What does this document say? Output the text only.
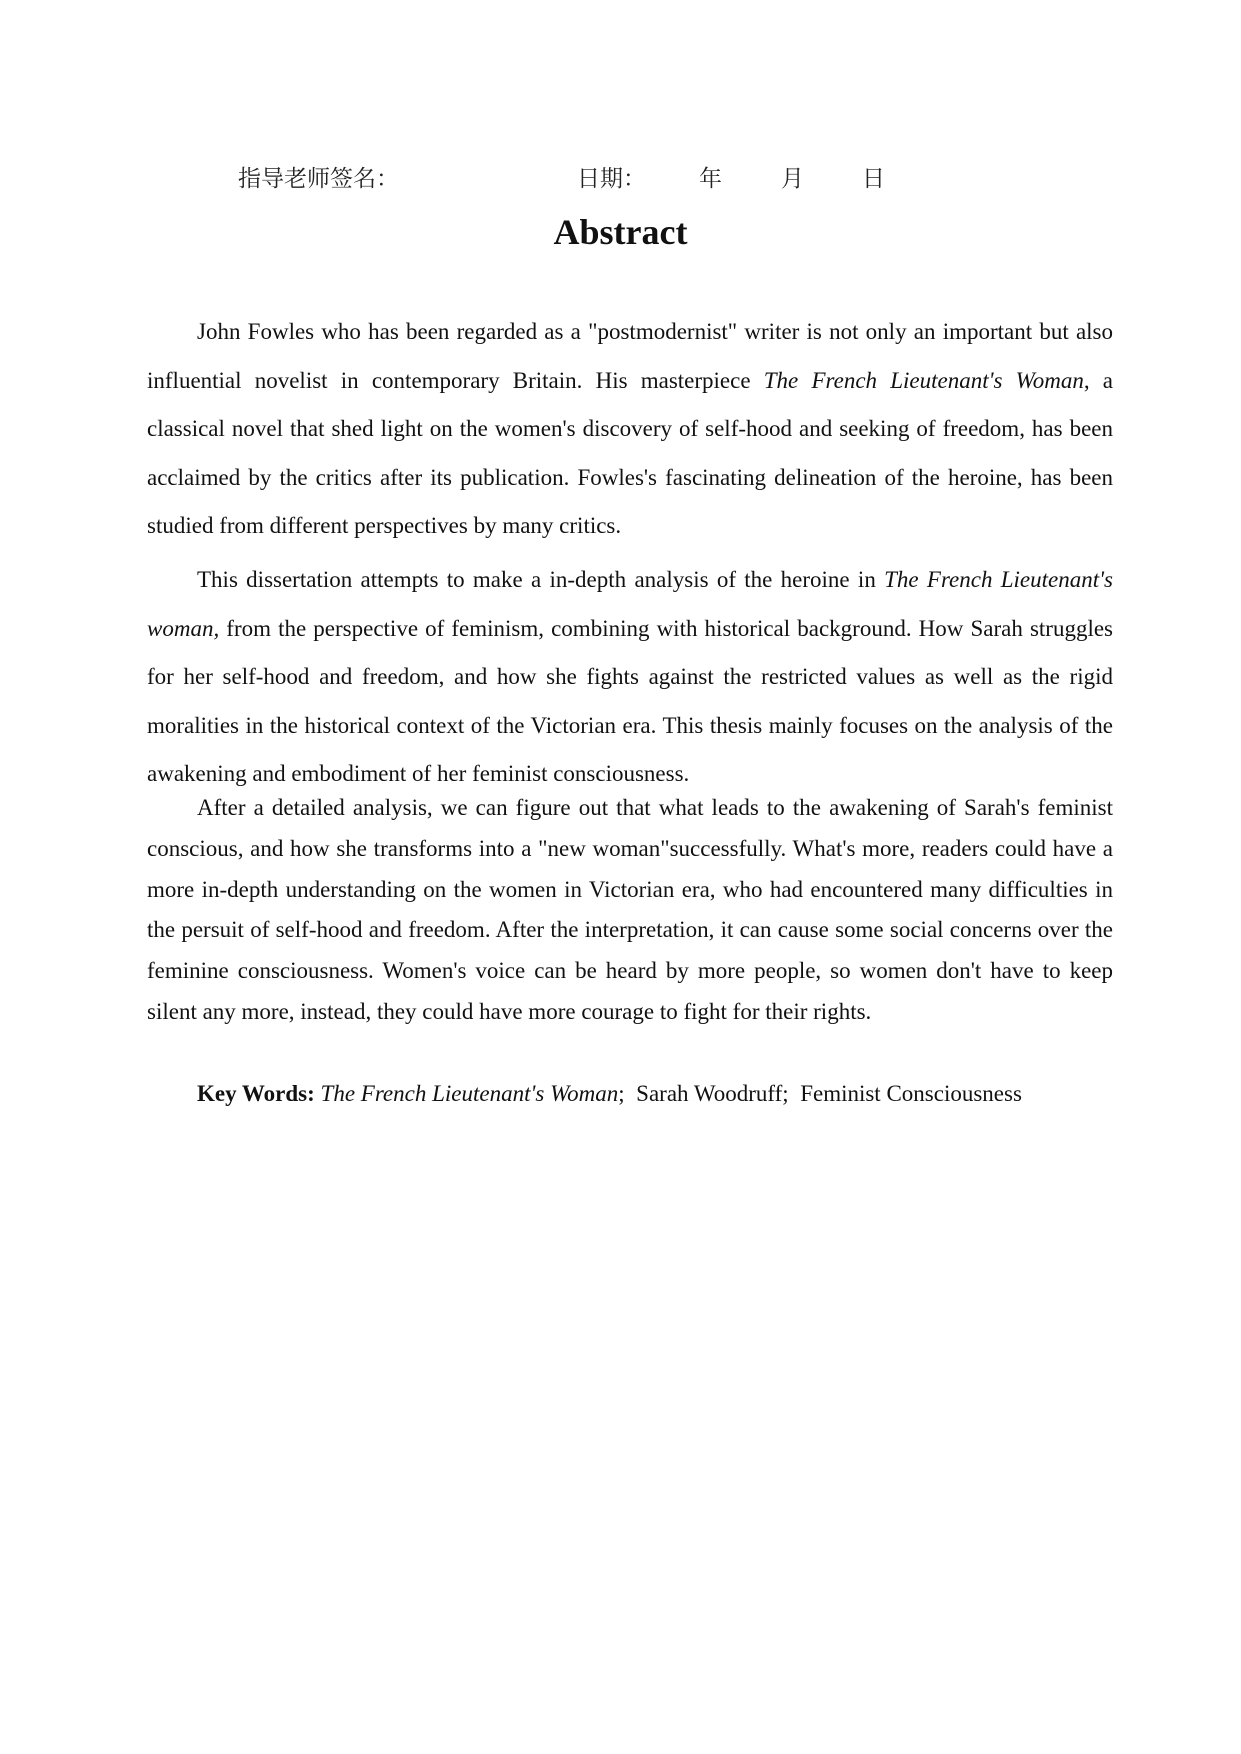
指导老师签名：	日期： 年	月	日
Abstract

John Fowles who has been regarded as a "postmodernist" writer is not only an important but also influential novelist in contemporary Britain. His masterpiece The French Lieutenant's Woman, a classical novel that shed light on the women's discovery of self-hood and seeking of freedom, has been acclaimed by the critics after its publication. Fowles's fascinating delineation of the heroine, has been studied from different perspectives by many critics.

This dissertation attempts to make a in-depth analysis of the heroine in The French Lieutenant's woman, from the perspective of feminism, combining with historical background. How Sarah struggles for her self-hood and freedom, and how she fights against the restricted values as well as the rigid moralities in the historical context of the Victorian era. This thesis mainly focuses on the analysis of the awakening and embodiment of her feminist consciousness.

After a detailed analysis, we can figure out that what leads to the awakening of Sarah's feminist conscious, and how she transforms into a "new woman"successfully. What's more, readers could have a more in-depth understanding on the women in Victorian era, who had encountered many difficulties in the persuit of self-hood and freedom. After the interpretation, it can cause some social concerns over the feminine consciousness. Women's voice can be heard by more people, so women don't have to keep silent any more, instead, they could have more courage to fight for their rights.

Key Words: The French Lieutenant's Woman; Sarah Woodruff; Feminist Consciousness
